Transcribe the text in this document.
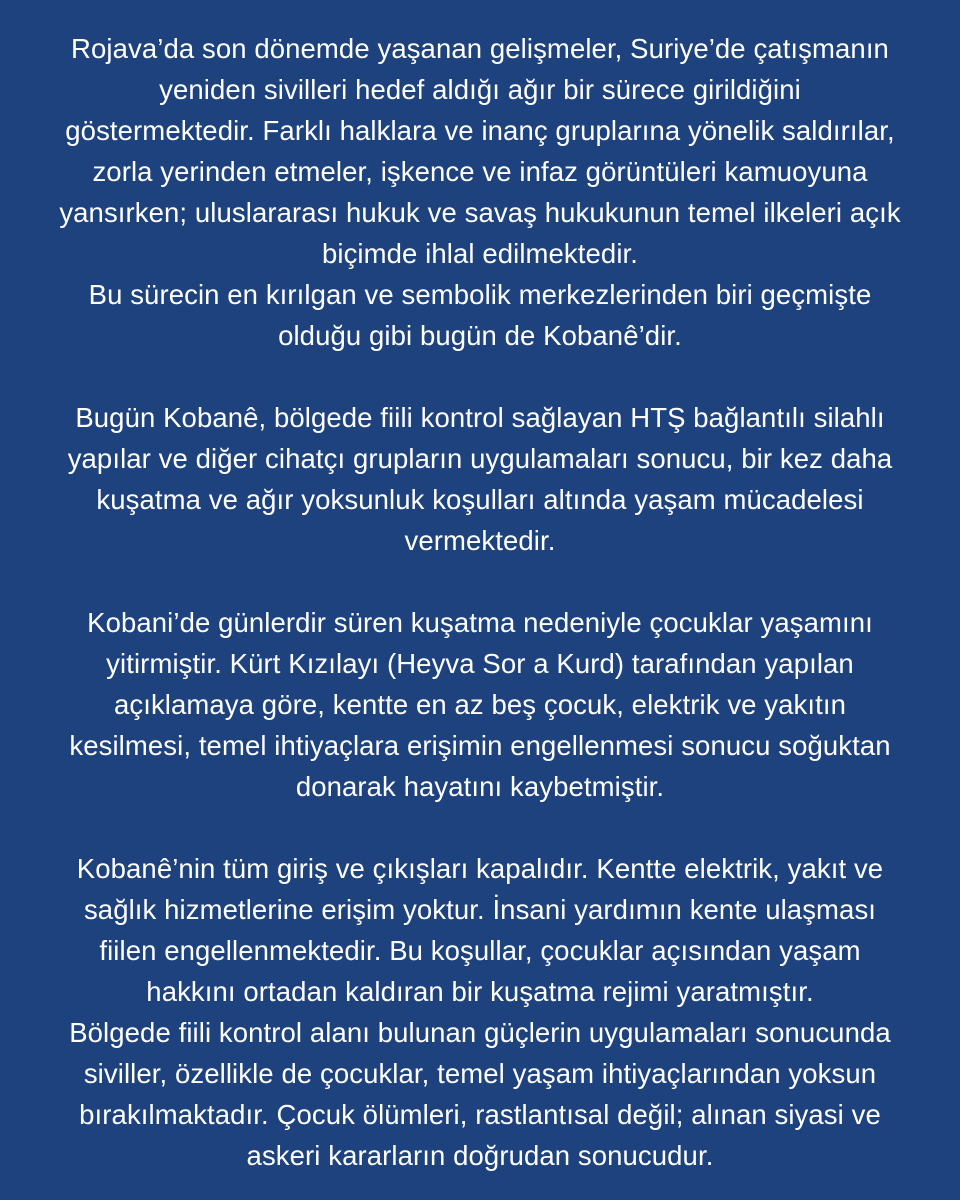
Rojava’da son dönemde yaşanan gelişmeler, Suriye’de çatışmanın
yeniden sivilleri hedef aldığı ağır bir sürece girildiğini
göstermektedir. Farklı halklara ve inanç gruplarına yönelik saldırılar,
zorla yerinden etmeler, işkence ve infaz görüntüleri kamuoyuna
yansırken; uluslararası hukuk ve savaş hukukunun temel ilkeleri açık
biçimde ihlal edilmektedir.
Bu sürecin en kırılgan ve sembolik merkezlerinden biri geçmişte
olduğu gibi bugün de Kobanê’dir.
Bugün Kobanê, bölgede fiili kontrol sağlayan HTŞ bağlantılı silahlı
yapılar ve diğer cihatçı grupların uygulamaları sonucu, bir kez daha
kuşatma ve ağır yoksunluk koşulları altında yaşam mücadelesi
vermektedir.
Kobani’de günlerdir süren kuşatma nedeniyle çocuklar yaşamını
yitirmiştir. Kürt Kızılayı (Heyva Sor a Kurd) tarafından yapılan
açıklamaya göre, kentte en az beş çocuk, elektrik ve yakıtın
kesilmesi, temel ihtiyaçlara erişimin engellenmesi sonucu soğuktan
donarak hayatını kaybetmiştir.
Kobanê’nin tüm giriş ve çıkışları kapalıdır. Kentte elektrik, yakıt ve
sağlık hizmetlerine erişim yoktur. İnsani yardımın kente ulaşması
fiilen engellenmektedir. Bu koşullar, çocuklar açısından yaşam
hakkını ortadan kaldıran bir kuşatma rejimi yaratmıştır.
Bölgede fiili kontrol alanı bulunan güçlerin uygulamaları sonucunda
siviller, özellikle de çocuklar, temel yaşam ihtiyaçlarından yoksun
bırakılmaktadır. Çocuk ölümleri, rastlantısal değil; alınan siyasi ve
askeri kararların doğrudan sonucudur.
